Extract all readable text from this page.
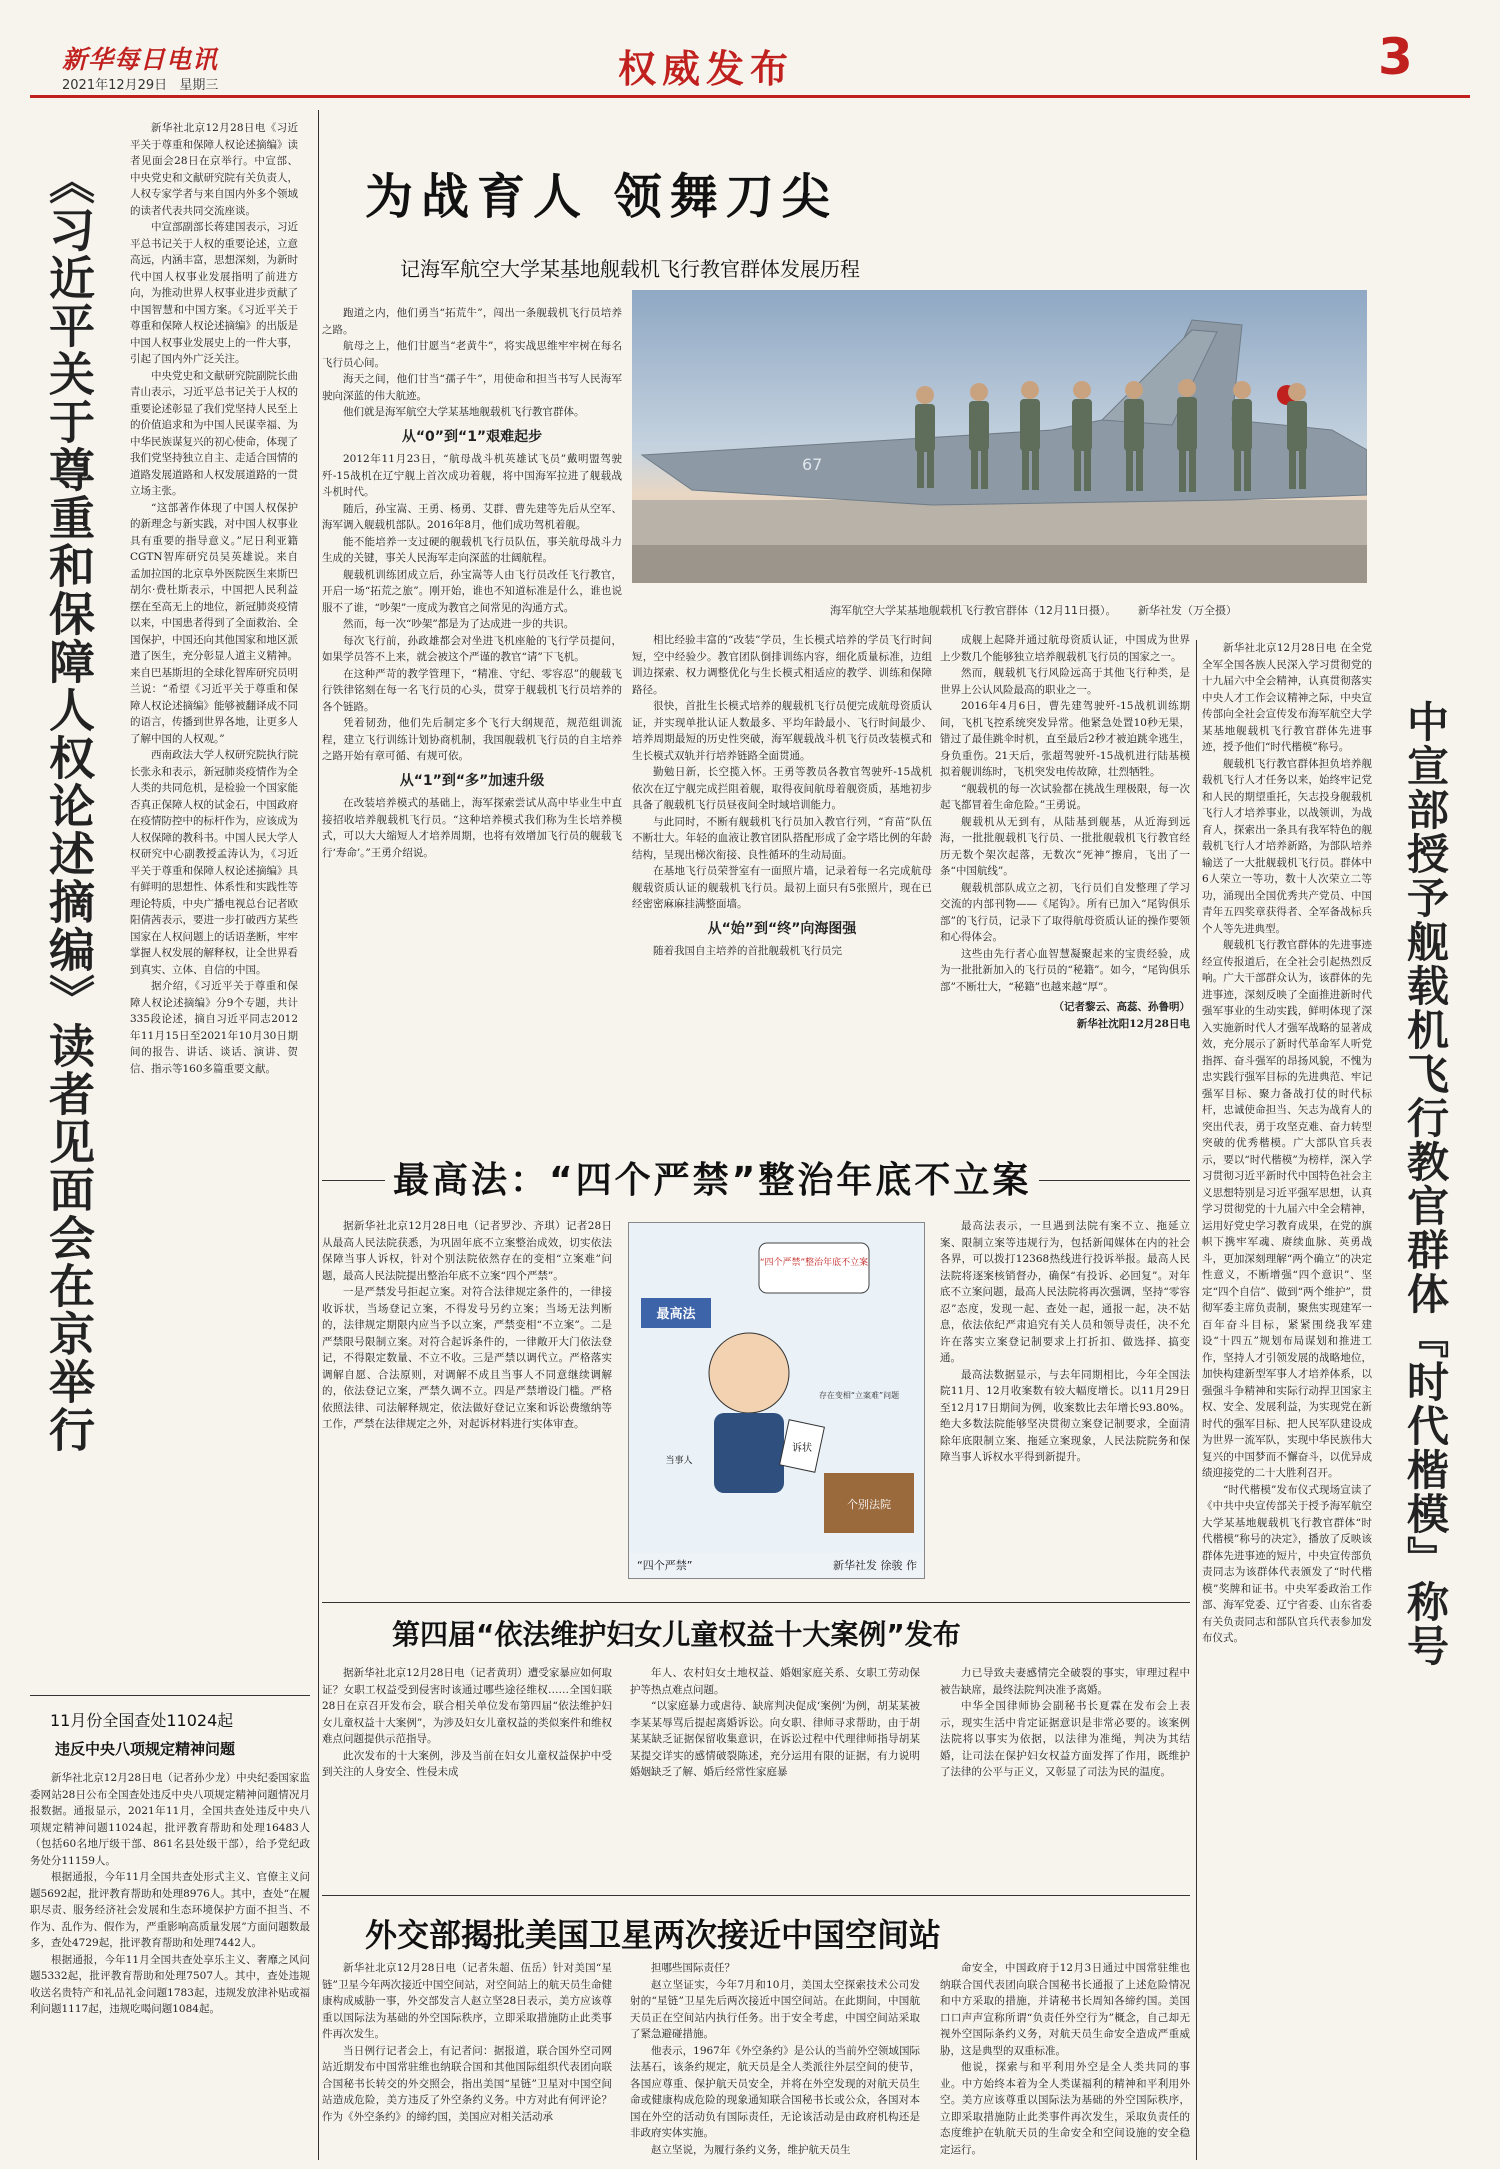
新华每日电讯
2021年12月29日 星期三	权威发布	3
《习近平关于尊重和保障人权论述摘编》读者见面会在京举行

新华社北京12月28日电《习近平关于尊重和保障人权论述摘编》读者见面会28日在京举行。中宣部、中央党史和文献研究院有关负责人，人权专家学者与来自国内外多个领域的读者代表共同交流座谈。

中宣部副部长蒋建国表示，习近平总书记关于人权的重要论述，立意高远，内涵丰富，思想深刻，为新时代中国人权事业发展指明了前进方向，为推动世界人权事业进步贡献了中国智慧和中国方案。《习近平关于尊重和保障人权论述摘编》的出版是中国人权事业发展史上的一件大事，引起了国内外广泛关注。

中央党史和文献研究院副院长曲青山表示，习近平总书记关于人权的重要论述彰显了我们党坚持人民至上的价值追求和为中国人民谋幸福、为中华民族谋复兴的初心使命，体现了我们党坚持独立自主、走适合国情的道路发展道路和人权发展道路的一贯立场主张。

“这部著作体现了中国人权保护的新理念与新实践，对中国人权事业具有重要的指导意义。”尼日利亚籍CGTN智库研究员吴英雄说。来自孟加拉国的北京阜外医院医生来斯巴胡尔·费杜斯表示，中国把人民利益摆在至高无上的地位，新冠肺炎疫情以来，中国患者得到了全面救治、全国保护，中国还向其他国家和地区派遣了医生，充分彰显人道主义精神。来自巴基斯坦的全球化智库研究员明兰说：“希望《习近平关于尊重和保障人权论述摘编》能够被翻译成不同的语言，传播到世界各地，让更多人了解中国的人权观。”

西南政法大学人权研究院执行院长张永和表示，新冠肺炎疫情作为全人类的共同危机，是检验一个国家能否真正保障人权的试金石，中国政府在疫情防控中的标杆作为，应该成为人权保障的教科书。中国人民大学人权研究中心副教授孟涛认为，《习近平关于尊重和保障人权论述摘编》具有鲜明的思想性、体系性和实践性等理论特质，中央广播电视总台记者欧阳倩茜表示，要进一步打破西方某些国家在人权问题上的话语垄断，牢牢掌握人权发展的解释权，让全世界看到真实、立体、自信的中国。

据介绍，《习近平关于尊重和保障人权论述摘编》分9个专题，共计335段论述，摘自习近平同志2012年11月15日至2021年10月30日期间的报告、讲话、谈话、演讲、贺信、指示等160多篇重要文献。

11月份全国查处11024起
违反中央八项规定精神问题

新华社北京12月28日电（记者孙少龙）中央纪委国家监委网站28日公布全国查处违反中央八项规定精神问题情况月报数据。通报显示，2021年11月，全国共查处违反中央八项规定精神问题11024起，批评教育帮助和处理16483人（包括60名地厅级干部、861名县处级干部），给予党纪政务处分11159人。

根据通报，今年11月全国共查处形式主义、官僚主义问题5692起，批评教育帮助和处理8976人。其中，查处“在履职尽责、服务经济社会发展和生态环境保护方面不担当、不作为、乱作为、假作为，严重影响高质量发展”方面问题数最多，查处4729起，批评教育帮助和处理7442人。

根据通报，今年11月全国共查处享乐主义、奢靡之风问题5332起，批评教育帮助和处理7507人。其中，查处违规收送名贵特产和礼品礼金问题1783起，违规发放津补贴或福利问题1117起，违规吃喝问题1084起。

为战育人 领舞刀尖
记海军航空大学某基地舰载机飞行教官群体发展历程
67
海军航空大学某基地舰载机飞行教官群体（12月11日摄）。 新华社发（万全摄）

跑道之内，他们勇当“拓荒牛”，闯出一条舰载机飞行员培养之路。

航母之上，他们甘愿当“老黄牛”，将实战思维牢牢树在每名飞行员心间。

海天之间，他们甘当“孺子牛”，用使命和担当书写人民海军驶向深蓝的伟大航迹。

他们就是海军航空大学某基地舰载机飞行教官群体。

从“0”到“1”艰难起步

2012年11月23日，“航母战斗机英雄试飞员”戴明盟驾驶歼-15战机在辽宁舰上首次成功着舰，将中国海军拉进了舰载战斗机时代。

随后，孙宝嵩、王勇、杨勇、艾群、曹先建等先后从空军、海军调入舰载机部队。2016年8月，他们成功驾机着舰。

能不能培养一支过硬的舰载机飞行员队伍，事关航母战斗力生成的关键，事关人民海军走向深蓝的壮阔航程。

舰载机训练团成立后，孙宝嵩等人由飞行员改任飞行教官，开启一场“拓荒之旅”。刚开始，谁也不知道标准是什么，谁也说服不了谁，“吵架”一度成为教官之间常见的沟通方式。

然而，每一次“吵架”都是为了达成进一步的共识。

每次飞行前，孙政雄都会对坐进飞机座舱的飞行学员提问，如果学员答不上来，就会被这个严谨的教官“请”下飞机。

在这种严苛的教学管理下，“精准、守纪、零容忍”的舰载飞行铁律铭刻在每一名飞行员的心头，贯穿于舰载机飞行员培养的各个链路。

凭着韧劲，他们先后制定多个飞行大纲规范，规范组训流程，建立飞行训练计划协商机制，我国舰载机飞行员的自主培养之路开始有章可循、有规可依。

从“1”到“多”加速升级

在改装培养模式的基础上，海军探索尝试从高中毕业生中直接招收培养舰载机飞行员。“这种培养模式我们称为生长培养模式，可以大大缩短人才培养周期，也将有效增加飞行员的舰载飞行‘寿命’。”王勇介绍说。

相比经验丰富的“改装”学员，生长模式培养的学员飞行时间短，空中经验少。教官团队倒排训练内容，细化质量标准，边组训边探索、权力调整优化与生长模式相适应的教学、训练和保障路径。

很快，首批生长模式培养的舰载机飞行员便完成航母资质认证，并实现单批认证人数最多、平均年龄最小、飞行时间最少、培养周期最短的历史性突破，海军舰载战斗机飞行员改装模式和生长模式双轨并行培养链路全面贯通。

勤勉日新，长空揽入怀。王勇等教员各教官驾驶歼-15战机依次在辽宁舰完成拦阻着舰，取得夜间航母着舰资质，基地初步具备了舰载机飞行员昼夜间全时域培训能力。

与此同时，不断有舰载机飞行员加入教官行列，“育苗”队伍不断壮大。年轻的血液让教官团队搭配形成了金字塔比例的年龄结构，呈现出梯次衔接、良性循环的生动局面。

在基地飞行员荣誉室有一面照片墙，记录着每一名完成航母舰载资质认证的舰载机飞行员。最初上面只有5张照片，现在已经密密麻麻挂满整面墙。

从“始”到“终”向海图强

随着我国自主培养的首批舰载机飞行员完

成舰上起降并通过航母资质认证，中国成为世界上少数几个能够独立培养舰载机飞行员的国家之一。

然而，舰载机飞行风险远高于其他飞行种类，是世界上公认风险最高的职业之一。

2016年4月6日，曹先建驾驶歼-15战机训练期间，飞机飞控系统突发异常。他紧急处置10秒无果，错过了最佳跳伞时机，直至最后2秒才被迫跳伞逃生，身负重伤。21天后，张超驾驶歼-15战机进行陆基模拟着舰训练时，飞机突发电传故障，壮烈牺牲。

“舰载机的每一次试验都在挑战生理极限，每一次起飞都冒着生命危险。”王勇说。

舰载机从无到有，从陆基到舰基，从近海到远海，一批批舰载机飞行员、一批批舰载机飞行教官经历无数个架次起落，无数次“死神”擦肩，飞出了一条“中国航线”。

舰载机部队成立之初，飞行员们自发整理了学习交流的内部刊物——《尾钩》。所有已加入“尾钩俱乐部”的飞行员，记录下了取得航母资质认证的操作要领和心得体会。

这些由先行者心血智慧凝聚起来的宝贵经验，成为一批批新加入的飞行员的“秘籍”。如今，“尾钩俱乐部”不断壮大，“秘籍”也越来越“厚”。

（记者黎云、高蕊、孙鲁明）
新华社沈阳12月28日电
最高法：“四个严禁”整治年底不立案

据新华社北京12月28日电（记者罗沙、齐琪）记者28日从最高人民法院获悉，为巩固年底不立案整治成效，切实依法保障当事人诉权，针对个别法院依然存在的变相“立案难”问题，最高人民法院提出整治年底不立案“四个严禁”。

一是严禁发号拒起立案。对符合法律规定条件的，一律接收诉状，当场登记立案，不得发号另约立案；当场无法判断的，法律规定期限内应当予以立案，严禁变相“不立案”。二是严禁限号限制立案。对符合起诉条件的，一律敞开大门依法登记，不得限定数量、不立不收。三是严禁以调代立。严格落实调解自愿、合法原则，对调解不成且当事人不同意继续调解的，依法登记立案，严禁久调不立。四是严禁增设门槛。严格依照法律、司法解释规定，依法做好登记立案和诉讼费缴纳等工作，严禁在法律规定之外，对起诉材料进行实体审查。

“四个严禁”整治年底不立案
最高法
诉状
当事人
个别法院
存在变相“立案难”问题
“四个严禁”	新华社发 徐骏 作

最高法表示，一旦遇到法院有案不立、拖延立案、限制立案等违规行为，包括新闻媒体在内的社会各界，可以拨打12368热线进行投诉举报。最高人民法院将逐案核销督办，确保“有投诉、必回复”。对年底不立案问题，最高人民法院将再次强调，坚持“零容忍”态度，发现一起、查处一起，通报一起，决不姑息，依法依纪严肃追究有关人员和领导责任，决不允许在落实立案登记制要求上打折扣、做选择、搞变通。

最高法数据显示，与去年同期相比，今年全国法院11月、12月收案数有较大幅度增长。以11月29日至12月17日期间为例，收案数比去年增长93.80%。绝大多数法院能够坚决贯彻立案登记制要求，全面清除年底限制立案、拖延立案现象，人民法院院务和保障当事人诉权水平得到新提升。

第四届“依法维护妇女儿童权益十大案例”发布

据新华社北京12月28日电（记者黄玥）遭受家暴应如何取证？女职工权益受到侵害时该通过哪些途径维权……全国妇联28日在京召开发布会，联合相关单位发布第四届“依法维护妇女儿童权益十大案例”，为涉及妇女儿童权益的类似案件和维权难点问题提供示范指导。

此次发布的十大案例，涉及当前在妇女儿童权益保护中受到关注的人身安全、性侵未成

年人、农村妇女土地权益、婚姻家庭关系、女职工劳动保护等热点难点问题。

“以家庭暴力或虐待、缺席判决促成‘案例’为例，胡某某被李某某辱骂后提起离婚诉讼。向女职、律师寻求帮助，由于胡某某缺乏证据保留收集意识，在诉讼过程中代理律师指导胡某某提交详实的感情破裂陈述，充分运用有限的证据，有力说明婚姻缺乏了解、婚后经常性家庭暴

力已导致夫妻感情完全破裂的事实，审理过程中被告缺席，最终法院判决准予离婚。

中华全国律师协会副秘书长夏霖在发布会上表示，现实生活中肯定证据意识是非常必要的。该案例法院将以事实为依据，以法律为准绳，判决为其结婚，让司法在保护妇女权益方面发挥了作用，既维护了法律的公平与正义，又彰显了司法为民的温度。

外交部揭批美国卫星两次接近中国空间站

新华社北京12月28日电（记者朱超、伍岳）针对美国“星链”卫星今年两次接近中国空间站，对空间站上的航天员生命健康构成威胁一事，外交部发言人赵立坚28日表示，美方应该尊重以国际法为基础的外空国际秩序，立即采取措施防止此类事件再次发生。

当日例行记者会上，有记者问：据报道，联合国外空司网站近期发布中国常驻维也纳联合国和其他国际组织代表团向联合国秘书长转交的外交照会，指出美国“星链”卫星对中国空间站造成危险，美方违反了外空条约义务。中方对此有何评论？作为《外空条约》的缔约国，美国应对相关活动承

担哪些国际责任？

赵立坚证实，今年7月和10月，美国太空探索技术公司发射的“星链”卫星先后两次接近中国空间站。在此期间，中国航天员正在空间站内执行任务。出于安全考虑，中国空间站采取了紧急避碰措施。

他表示，1967年《外空条约》是公认的当前外空领域国际法基石，该条约规定，航天员是全人类派往外层空间的使节，各国应尊重、保护航天员安全，并将在外空发现的对航天员生命或健康构成危险的现象通知联合国秘书长或公众，各国对本国在外空的活动负有国际责任，无论该活动是由政府机构还是非政府实体实施。

赵立坚说，为履行条约义务，维护航天员生

命安全，中国政府于12月3日通过中国常驻维也纳联合国代表团向联合国秘书长通报了上述危险情况和中方采取的措施，并请秘书长周知各缔约国。美国口口声声宣称所谓“负责任外空行为”概念，自己却无视外空国际条约义务，对航天员生命安全造成严重威胁，这是典型的双重标准。

他说，探索与和平利用外空是全人类共同的事业。中方始终本着为全人类谋福利的精神和平利用外空。美方应该尊重以国际法为基础的外空国际秩序，立即采取措施防止此类事件再次发生，采取负责任的态度维护在轨航天员的生命安全和空间设施的安全稳定运行。

新华社北京12月28日电 在全党全军全国各族人民深入学习贯彻党的十九届六中全会精神，认真贯彻落实中央人才工作会议精神之际，中央宣传部向全社会宣传发布海军航空大学某基地舰载机飞行教官群体先进事迹，授予他们“时代楷模”称号。

舰载机飞行教官群体担负培养舰载机飞行人才任务以来，始终牢记党和人民的期望重托，矢志投身舰载机飞行人才培养事业，以战领训，为战育人，探索出一条具有我军特色的舰载机飞行人才培养新路，为部队培养输送了一大批舰载机飞行员。群体中6人荣立一等功，数十人次荣立二等功，涌现出全国优秀共产党员、中国青年五四奖章获得者、全军备战标兵个人等先进典型。

舰载机飞行教官群体的先进事迹经宣传报道后，在全社会引起热烈反响。广大干部群众认为，该群体的先进事迹，深刻反映了全面推进新时代强军事业的生动实践，鲜明体现了深入实施新时代人才强军战略的显著成效，充分展示了新时代革命军人听党指挥、奋斗强军的昂扬风貌，不愧为忠实践行强军目标的先进典范、牢记强军目标、聚力备战打仗的时代标杆，忠诚使命担当、矢志为战育人的突出代表，勇于攻坚克难、奋力转型突破的优秀楷模。广大部队官兵表示，要以“时代楷模”为榜样，深入学习贯彻习近平新时代中国特色社会主义思想特别是习近平强军思想，认真学习贯彻党的十九届六中全会精神，运用好党史学习教育成果，在党的旗帜下携牢军魂、赓续血脉、英勇战斗，更加深刻理解“两个确立”的决定性意义，不断增强“四个意识”、坚定“四个自信”、做到“两个维护”，贯彻军委主席负责制，聚焦实现建军一百年奋斗目标，紧紧围绕我军建设“十四五”规划布局谋划和推进工作，坚持人才引领发展的战略地位，加快构建新型军事人才培养体系，以强强斗争精神和实际行动捍卫国家主权、安全、发展利益，为实现党在新时代的强军目标、把人民军队建设成为世界一流军队，实现中华民族伟大复兴的中国梦而不懈奋斗，以优异成绩迎接党的二十大胜利召开。

“时代楷模”发布仪式现场宣读了《中共中央宣传部关于授予海军航空大学某基地舰载机飞行教官群体“时代楷模”称号的决定》，播放了反映该群体先进事迹的短片，中央宣传部负责同志为该群体代表颁发了“时代楷模”奖牌和证书。中央军委政治工作部、海军党委、辽宁省委、山东省委有关负责同志和部队官兵代表参加发布仪式。	中宣部授予舰载机飞行教官群体『时代楷模』称号
